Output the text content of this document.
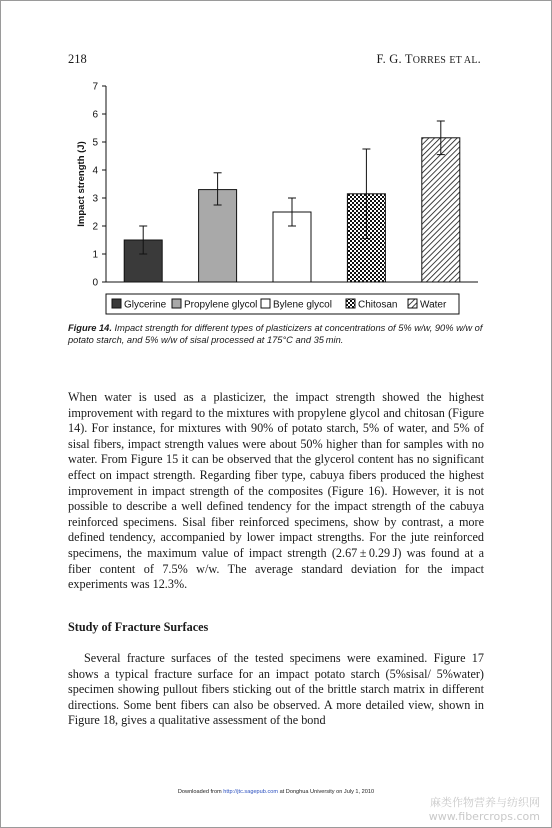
218	F. G. TORRES ET AL.
0
1
2
3
4
5
6
7
Impact strength (J)
Glycerine Propylene glycol Bylene glycol	Chitosan Water
Figure 14. Impact strength for different types of plasticizers at concentrations of 5% w/w, 90% w/w of potato starch, and 5% w/w of sisal processed at 175°C and 35 min.
When water is used as a plasticizer, the impact strength showed the highest improvement with regard to the mixtures with propylene glycol and chitosan (Figure 14). For instance, for mixtures with 90% of potato starch, 5% of water, and 5% of sisal fibers, impact strength values were about 50% higher than for samples with no water. From Figure 15 it can be observed that the glycerol content has no significant effect on impact strength. Regarding fiber type, cabuya fibers produced the highest improvement in impact strength of the composites (Figure 16). However, it is not possible to describe a well defined tendency for the impact strength of the cabuya reinforced specimens. Sisal fiber reinforced specimens, show by contrast, a more defined tendency, accompanied by lower impact strengths. For the jute reinforced specimens, the maximum value of impact strength (2.67 ± 0.29 J) was found at a fiber content of 7.5% w/w. The average standard deviation for the impact experiments was 12.3%.
Study of Fracture Surfaces
Several fracture surfaces of the tested specimens were examined. Figure 17 shows a typical fracture surface for an impact potato starch (5%sisal/ 5%water) specimen showing pullout fibers sticking out of the brittle starch matrix in different directions. Some bent fibers can also be observed. A more detailed view, shown in Figure 18, gives a qualitative assessment of the bond
Downloaded from http://jtc.sagepub.com at Donghua University on July 1, 2010
麻类作物营养与纺织网
www.fibercrops.com
